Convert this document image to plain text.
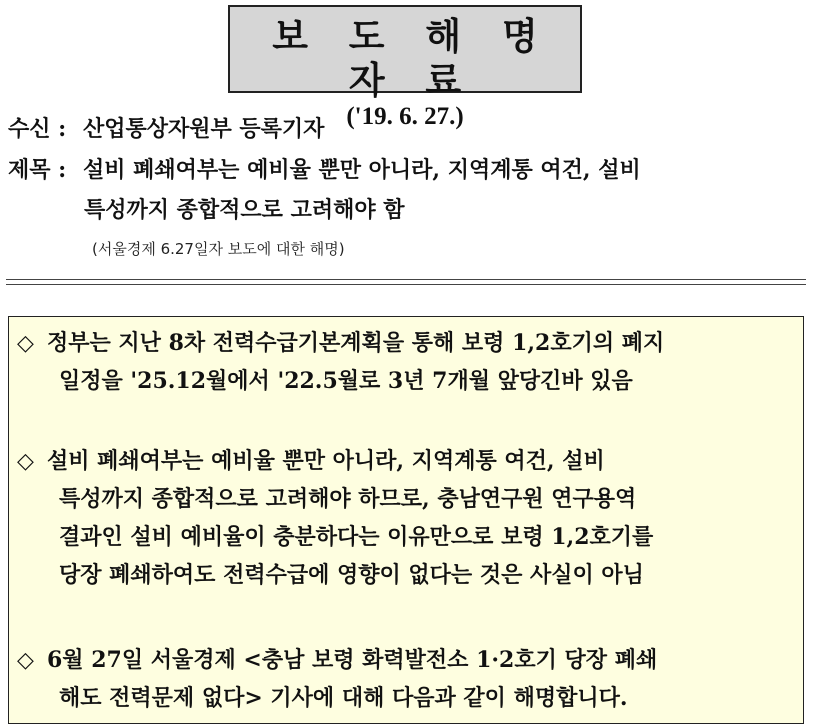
보 도 해 명 자 료
('19. 6. 27.)
수신 : 산업통상자원부 등록기자
제목 : 설비 폐쇄여부는 예비율 뿐만 아니라, 지역계통 여건, 설비
특성까지 종합적으로 고려해야 함
(서울경제 6.27일자 보도에 대한 해명)
◇ 정부는 지난 8차 전력수급기본계획을 통해 보령 1,2호기의 폐지
일정을 '25.12월에서 '22.5월로 3년 7개월 앞당긴바 있음
◇ 설비 폐쇄여부는 예비율 뿐만 아니라, 지역계통 여건, 설비
특성까지 종합적으로 고려해야 하므로, 충남연구원 연구용역
결과인 설비 예비율이 충분하다는 이유만으로 보령 1,2호기를
당장 폐쇄하여도 전력수급에 영향이 없다는 것은 사실이 아님
◇ 6월 27일 서울경제 <충남 보령 화력발전소 1·2호기 당장 폐쇄
해도 전력문제 없다> 기사에 대해 다음과 같이 해명합니다.
